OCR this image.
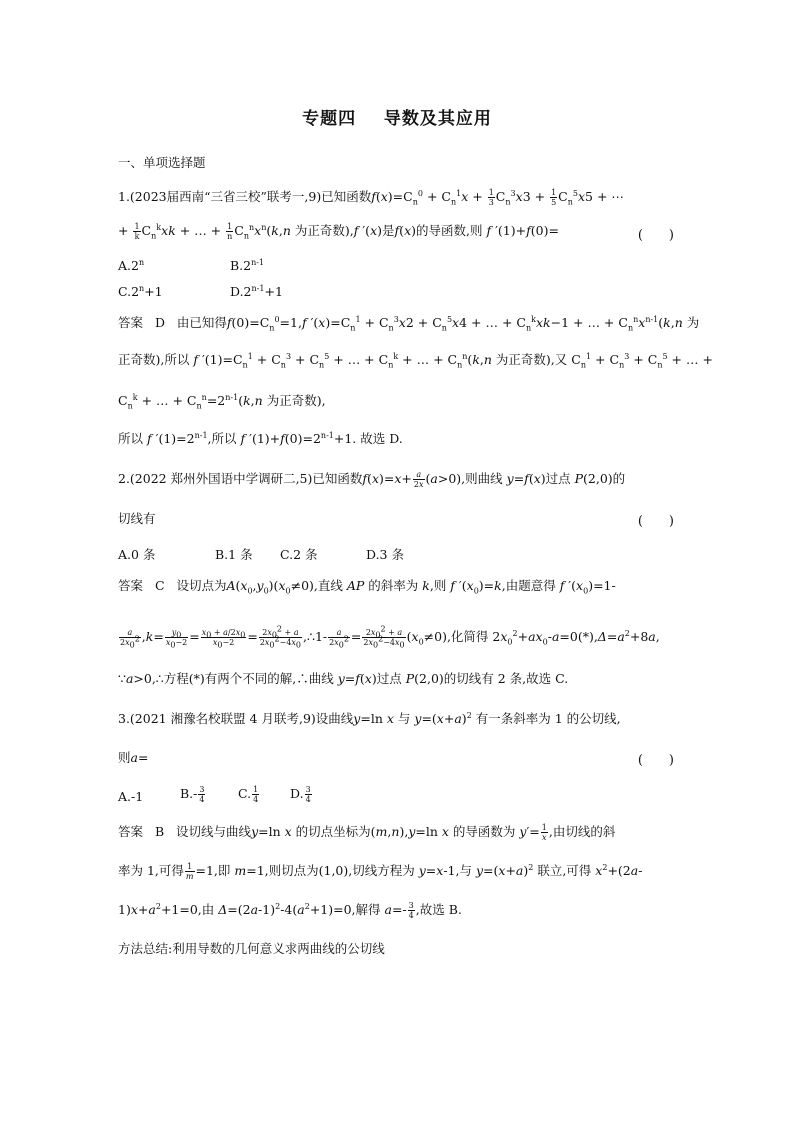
专题四    导数及其应用
一、单项选择题
1.(2023届西南“三省三校”联考一,9)已知函数$f(x)=C_n^0 + C_n^1x + \frac{1}{3} C_n^3x3 + \frac{1}{5} C_n^5x5$ + ⋯
+ $\frac{1}{k} C_n^kxk$ + … + $\frac{1}{n} C_n^nx^n(k,n$ 为正奇数),f ′(x)是f(x)的导函数,则 f ′(1)+f(0)=	(　　)
A.2$^n$	B.2$^{n-1}$
$C.2^n+1$	$D.2^{n-1}+1$
答案 D 由已知得$f(0)=C_n^0=1,f$ $'(x)=C_n^1 + C_n^3x2 + C_n^5x4$ + … + $C_n^kxk-1$ + … + $C_n^nx^{n-1}(k,n$ 为
正奇数),所以 f $'(1)=C_n^1 + C_n^3 + C_n^5$ + … + $C_n^k$ + … + $C_n^n(k,n$ 为正奇数),又 $C_n^1 + C_n^3 + C_n^5$ + … +
$C_n^k$ + … + $C_n^n=2^{n-1}(k,n$ 为正奇数),
所以 f $'(1)=2^{n-1}$,所以 f $'(1)+f(0)=2^{n-1}+1$. 故选 D.
2.(2022 郑州外国语中学调研二,5)已知函数$f(x)=x+ \frac{a}{2x} (a>0)$,则曲线 y=f(x)过点 P(2,0)的
切线有	(　　)
A.0 条	B.1 条 C.2 条	D.3 条
答案 C 设切点为$A(x_0,y_0)(x_0\ne 0)$,直线 AP 的斜率为 k,则 f $'(x_0)=k$,由题意得 f $'(x_0)=1-$
$\frac{a}{2x_0^2} ,k= \frac{y_0}{x_0-2} = \frac{x_0 + a/2x_0}{x_0-2} = \frac{2x_0^2 + a}{2x_0^2-4x_0}$ ,∴1- $\frac{a}{2x_0^2} = \frac{2x_0^2 + a}{2x_0^2-4x_0} (x_0\ne 0)$,化简得 $2x_0^2+ax_0-a=0(*),\Delta=a^2+8a$,
∵a>0,∴方程(*)有两个不同的解,∴曲线 y=f(x)过点 P(2,0)的切线有 2 条,故选 C.
3.(2021 湘豫名校联盟 4 月联考,9)设曲线y=ln x 与 $y=(x+a)^2$ 有一条斜率为 1 的公切线,
则a=	(　　)
A.-1	$B.- \frac{3}{4}$	C. $\frac{1}{4} D$. $\frac{3}{4}$
答案 B 设切线与曲线y=ln x 的切点坐标为(m,n),y=ln x 的导函数为 $y'= \frac{1}{x}$ ,由切线的斜
率为 1,可得 $\frac{1}{m} =1$,即 m=1,则切点为(1,0),切线方程为 y=x-1,与 $y=(x+a)^2$ 联立,可得 $x^2+(2a-$
$1)x+a^2+1=0$,由 $\Delta=(2a-1)^2-4(a^2+1)=0$,解得 $a=- \frac{3}{4}$ ,故选 B.
方法总结:利用导数的几何意义求两曲线的公切线
